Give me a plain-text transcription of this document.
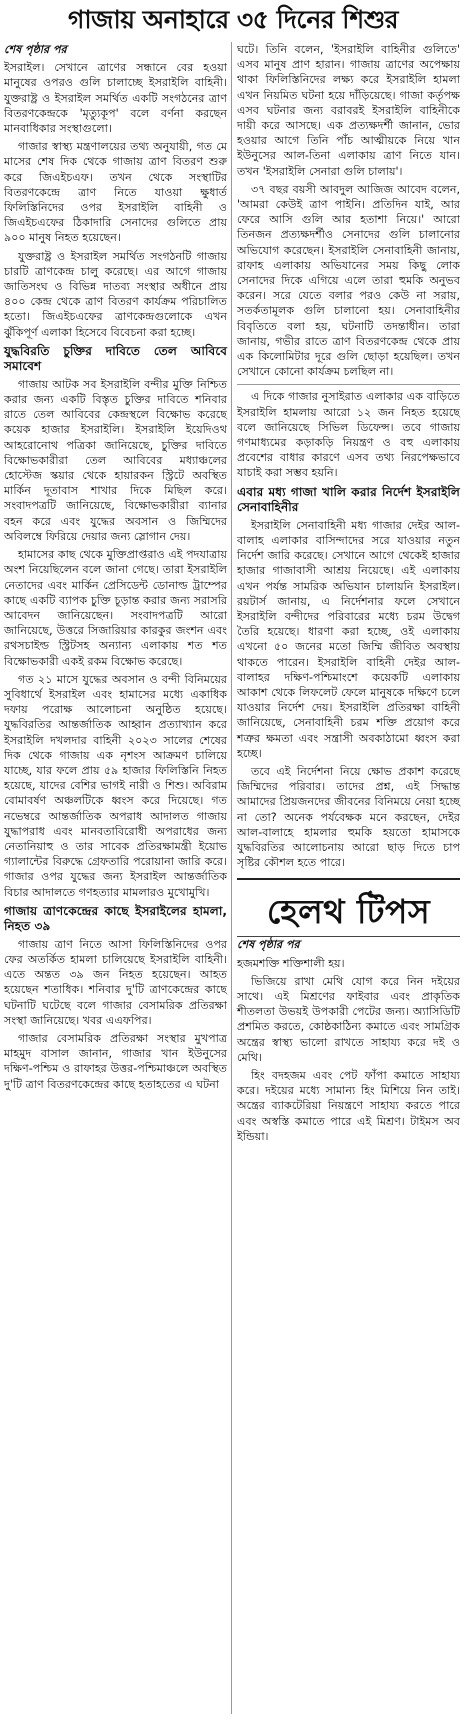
গাজায় অনাহারে ৩৫ দিনের শিশুর
শেষ পৃষ্ঠার পর

ইসরাইল। সেখানে ত্রাণের সন্ধানে বের হওয়া মানুষের ওপরও গুলি চালাচ্ছে ইসরাইলি বাহিনী। যুক্তরাষ্ট্র ও ইসরাইল সমর্থিত একটি সংগঠনের ত্রাণ বিতরণকেন্দ্রকে 'মৃত্যুকূপ' বলে বর্ণনা করছেন মানবাধিকার সংস্থাগুলো।

গাজার স্বাস্থ্য মন্ত্রণালয়ের তথ্য অনুযায়ী, গত মে মাসের শেষ দিক থেকে গাজায় ত্রাণ বিতরণ শুরু করে জিএইচএফ। তখন থেকে সংস্থাটির বিতরণকেন্দ্রে ত্রাণ নিতে যাওয়া ক্ষুধার্ত ফিলিস্তিনিদের ওপর ইসরাইলি বাহিনী ও জিএইচএফের ঠিকাদারি সেনাদের গুলিতে প্রায় ৯০০ মানুষ নিহত হয়েছেন।

যুক্তরাষ্ট্র ও ইসরাইল সমর্থিত সংগঠনটি গাজায় চারটি ত্রাণকেন্দ্র চালু করেছে। এর আগে গাজায় জাতিসংঘ ও বিভিন্ন দাতব্য সংস্থার অধীনে প্রায় ৪০০ কেন্দ্র থেকে ত্রাণ বিতরণ কার্যক্রম পরিচালিত হতো। জিএইচএফের ত্রাণকেন্দ্রগুলোকে এখন ঝুঁকিপূর্ণ এলাকা হিসেবে বিবেচনা করা হচ্ছে।

যুদ্ধবিরতি চুক্তির দাবিতে তেল আবিবে সমাবেশ

গাজায় আটক সব ইসরাইলি বন্দীর মুক্তি নিশ্চিত করার জন্য একটি বিস্তৃত চুক্তির দাবিতে শনিবার রাতে তেল আবিবের কেন্দ্রস্থলে বিক্ষোভ করেছে কয়েক হাজার ইসরাইলি। ইসরাইলি ইয়েদিওথ আহরোনোথ পত্রিকা জানিয়েছে, চুক্তির দাবিতে বিক্ষোভকারীরা তেল আবিবের মধ্যাঞ্চলের হোস্টেজ স্কয়ার থেকে হায়ারকন স্ট্রিটে অবস্থিত মার্কিন দূতাবাস শাখার দিকে মিছিল করে। সংবাদপত্রটি জানিয়েছে, বিক্ষোভকারীরা ব্যানার বহন করে এবং যুদ্ধের অবসান ও জিম্মিদের অবিলম্বে ফিরিয়ে দেয়ার জন্য স্লোগান দেয়।

হামাসের কাছ থেকে মুক্তিপ্রাপ্তরাও এই পদযাত্রায় অংশ নিয়েছিলেন বলে জানা গেছে। তারা ইসরাইলি নেতাদের এবং মার্কিন প্রেসিডেন্ট ডোনাল্ড ট্রাম্পের কাছে একটি ব্যাপক চুক্তি চূড়ান্ত করার জন্য সরাসরি আবেদন জানিয়েছেন। সংবাদপত্রটি আরো জানিয়েছে, উত্তরে সিজারিয়ার কারকুর জংশন এবং রথসচাইল্ড স্ট্রিটসহ অন্যান্য এলাকায় শত শত বিক্ষোভকারী একই রকম বিক্ষোভ করেছে।

গত ২১ মাসে যুদ্ধের অবসান ও বন্দী বিনিময়ের সুবিধার্থে ইসরাইল এবং হামাসের মধ্যে একাধিক দফায় পরোক্ষ আলোচনা অনুষ্ঠিত হয়েছে। যুদ্ধবিরতির আন্তর্জাতিক আহ্বান প্রত্যাখ্যান করে ইসরাইলি দখলদার বাহিনী ২০২৩ সালের শেষের দিক থেকে গাজায় এক নৃশংস আক্রমণ চালিয়ে যাচ্ছে, যার ফলে প্রায় ৫৯ হাজার ফিলিস্তিনি নিহত হয়েছে, যাদের বেশির ভাগই নারী ও শিশু। অবিরাম বোমাবর্ষণ অঞ্চলটিকে ধ্বংস করে দিয়েছে। গত নভেম্বরে আন্তর্জাতিক অপরাধ আদালত গাজায় যুদ্ধাপরাধ এবং মানবতাবিরোধী অপরাধের জন্য নেতানিয়াহু ও তার সাবেক প্রতিরক্ষামন্ত্রী ইয়োভ গ্যালান্টের বিরুদ্ধে গ্রেফতারি পরোয়ানা জারি করে। গাজার ওপর যুদ্ধের জন্য ইসরাইল আন্তর্জাতিক বিচার আদালতে গণহত্যার মামলারও মুখোমুখি।

গাজায় ত্রাণকেন্দ্রের কাছে ইসরাইলের হামলা, নিহত ৩৯

গাজায় ত্রাণ নিতে আসা ফিলিস্তিনিদের ওপর ফের অতর্কিত হামলা চালিয়েছে ইসরাইলি বাহিনী। এতে অন্তত ৩৯ জন নিহত হয়েছেন। আহত হয়েছেন শতাধিক। শনিবার দু'টি ত্রাণকেন্দ্রের কাছে ঘটনাটি ঘটেছে বলে গাজার বেসামরিক প্রতিরক্ষা সংস্থা জানিয়েছে। খবর এএফপির।

গাজার বেসামরিক প্রতিরক্ষা সংস্থার মুখপাত্র মাহমুদ বাসাল জানান, গাজার খান ইউনুসের দক্ষিণ-পশ্চিম ও রাফাহর উত্তর-পশ্চিমাঞ্চলে অবস্থিত দু'টি ত্রাণ বিতরণকেন্দ্রের কাছে হতাহতের এ ঘটনা

ঘটে। তিনি বলেন, 'ইসরাইলি বাহিনীর গুলিতে' এসব মানুষ প্রাণ হারান। গাজায় ত্রাণের অপেক্ষায় থাকা ফিলিস্তিনিদের লক্ষ্য করে ইসরাইলি হামলা এখন নিয়মিত ঘটনা হয়ে দাঁড়িয়েছে। গাজা কর্তৃপক্ষ এসব ঘটনার জন্য বরাবরই ইসরাইলি বাহিনীকে দায়ী করে আসছে। এক প্রত্যক্ষদর্শী জানান, ভোর হওয়ার আগে তিনি পাঁচ আত্মীয়কে নিয়ে খান ইউনুসের আল-তিনা এলাকায় ত্রাণ নিতে যান। তখন 'ইসরাইলি সেনারা গুলি চালায়'।

৩৭ বছর বয়সী আবদুল আজিজ আবেদ বলেন, 'আমরা কেউই ত্রাণ পাইনি। প্রতিদিন যাই, আর ফেরে আসি গুলি আর হতাশা নিয়ে।' আরো তিনজন প্রত্যক্ষদর্শীও সেনাদের গুলি চালানোর অভিযোগ করেছেন। ইসরাইলি সেনাবাহিনী জানায়, রাফাহ এলাকায় অভিযানের সময় কিছু লোক সেনাদের দিকে এগিয়ে এলে তারা হুমকি অনুভব করেন। সরে যেতে বলার পরও কেউ না সরায়, সতর্কতামূলক গুলি চালানো হয়। সেনাবাহিনীর বিবৃতিতে বলা হয়, ঘটনাটি তদন্তাধীন। তারা জানায়, গভীর রাতে ত্রাণ বিতরণকেন্দ্র থেকে প্রায় এক কিলোমিটার দূরে গুলি ছোড়া হয়েছিল। তখন সেখানে কোনো কার্যক্রম চলছিল না।

এ দিকে গাজার নুসাইরাত এলাকার এক বাড়িতে ইসরাইলি হামলায় আরো ১২ জন নিহত হয়েছে বলে জানিয়েছে সিভিল ডিফেন্স। তবে গাজায় গণমাধ্যমের কড়াকড়ি নিয়ন্ত্রণ ও বহু এলাকায় প্রবেশের বাধার কারণে এসব তথ্য নিরপেক্ষভাবে যাচাই করা সম্ভব হয়নি।

এবার মধ্য গাজা খালি করার নির্দেশ ইসরাইলি সেনাবাহিনীর

ইসরাইলি সেনাবাহিনী মধ্য গাজার দেইর আল-বালাহ এলাকার বাসিন্দাদের সরে যাওয়ার নতুন নির্দেশ জারি করেছে। সেখানে আগে থেকেই হাজার হাজার গাজাবাসী আশ্রয় নিয়েছে। এই এলাকায় এখন পর্যন্ত সামরিক অভিযান চালায়নি ইসরাইল। রয়টার্স জানায়, এ নির্দেশনার ফলে সেখানে ইসরাইলি বন্দীদের পরিবারের মধ্যে চরম উদ্বেগ তৈরি হয়েছে। ধারণা করা হচ্ছে, ওই এলাকায় এখনো ৫০ জনের মতো জিম্মি জীবিত অবস্থায় থাকতে পারেন। ইসরাইলি বাহিনী দেইর আল-বালাহর দক্ষিণ-পশ্চিমাংশে কয়েকটি এলাকায় আকাশ থেকে লিফলেট ফেলে মানুষকে দক্ষিণে চলে যাওয়ার নির্দেশ দেয়। ইসরাইলি প্রতিরক্ষা বাহিনী জানিয়েছে, সেনাবাহিনী চরম শক্তি প্রয়োগ করে শত্রুর ক্ষমতা এবং সন্ত্রাসী অবকাঠামো ধ্বংস করা হচ্ছে।

তবে এই নির্দেশনা নিয়ে ক্ষোভ প্রকাশ করেছে জিম্মিদের পরিবার। তাদের প্রশ্ন, এই সিদ্ধান্ত আমাদের প্রিয়জনদের জীবনের বিনিময়ে নেয়া হচ্ছে না তো? অনেক পর্যবেক্ষক মনে করছেন, দেইর আল-বালাহে হামলার হুমকি হয়তো হামাসকে যুদ্ধবিরতির আলোচনায় আরো ছাড় দিতে চাপ সৃষ্টির কৌশল হতে পারে।

হেলথ টিপস
শেষ পৃষ্ঠার পর

হজমশক্তি শক্তিশালী হয়।

ভিজিয়ে রাখা মেথি যোগ করে নিন দইয়ের সাথে। এই মিশ্রণের ফাইবার এবং প্রাকৃতিক শীতলতা উভয়ই উপকারী পেটের জন্য। অ্যাসিডিটি প্রশমিত করতে, কোষ্ঠকাঠিন্য কমাতে এবং সামগ্রিক অন্ত্রের স্বাস্থ্য ভালো রাখতে সাহায্য করে দই ও মেথি।

হিং বদহজম এবং পেট ফাঁপা কমাতে সাহায্য করে। দইয়ের মধ্যে সামান্য হিং মিশিয়ে নিন তাই। অন্ত্রের ব্যাকটেরিয়া নিয়ন্ত্রণে সাহায্য করতে পারে এবং অস্বস্তি কমাতে পারে এই মিশ্রণ। টাইমস অব ইন্ডিয়া।
